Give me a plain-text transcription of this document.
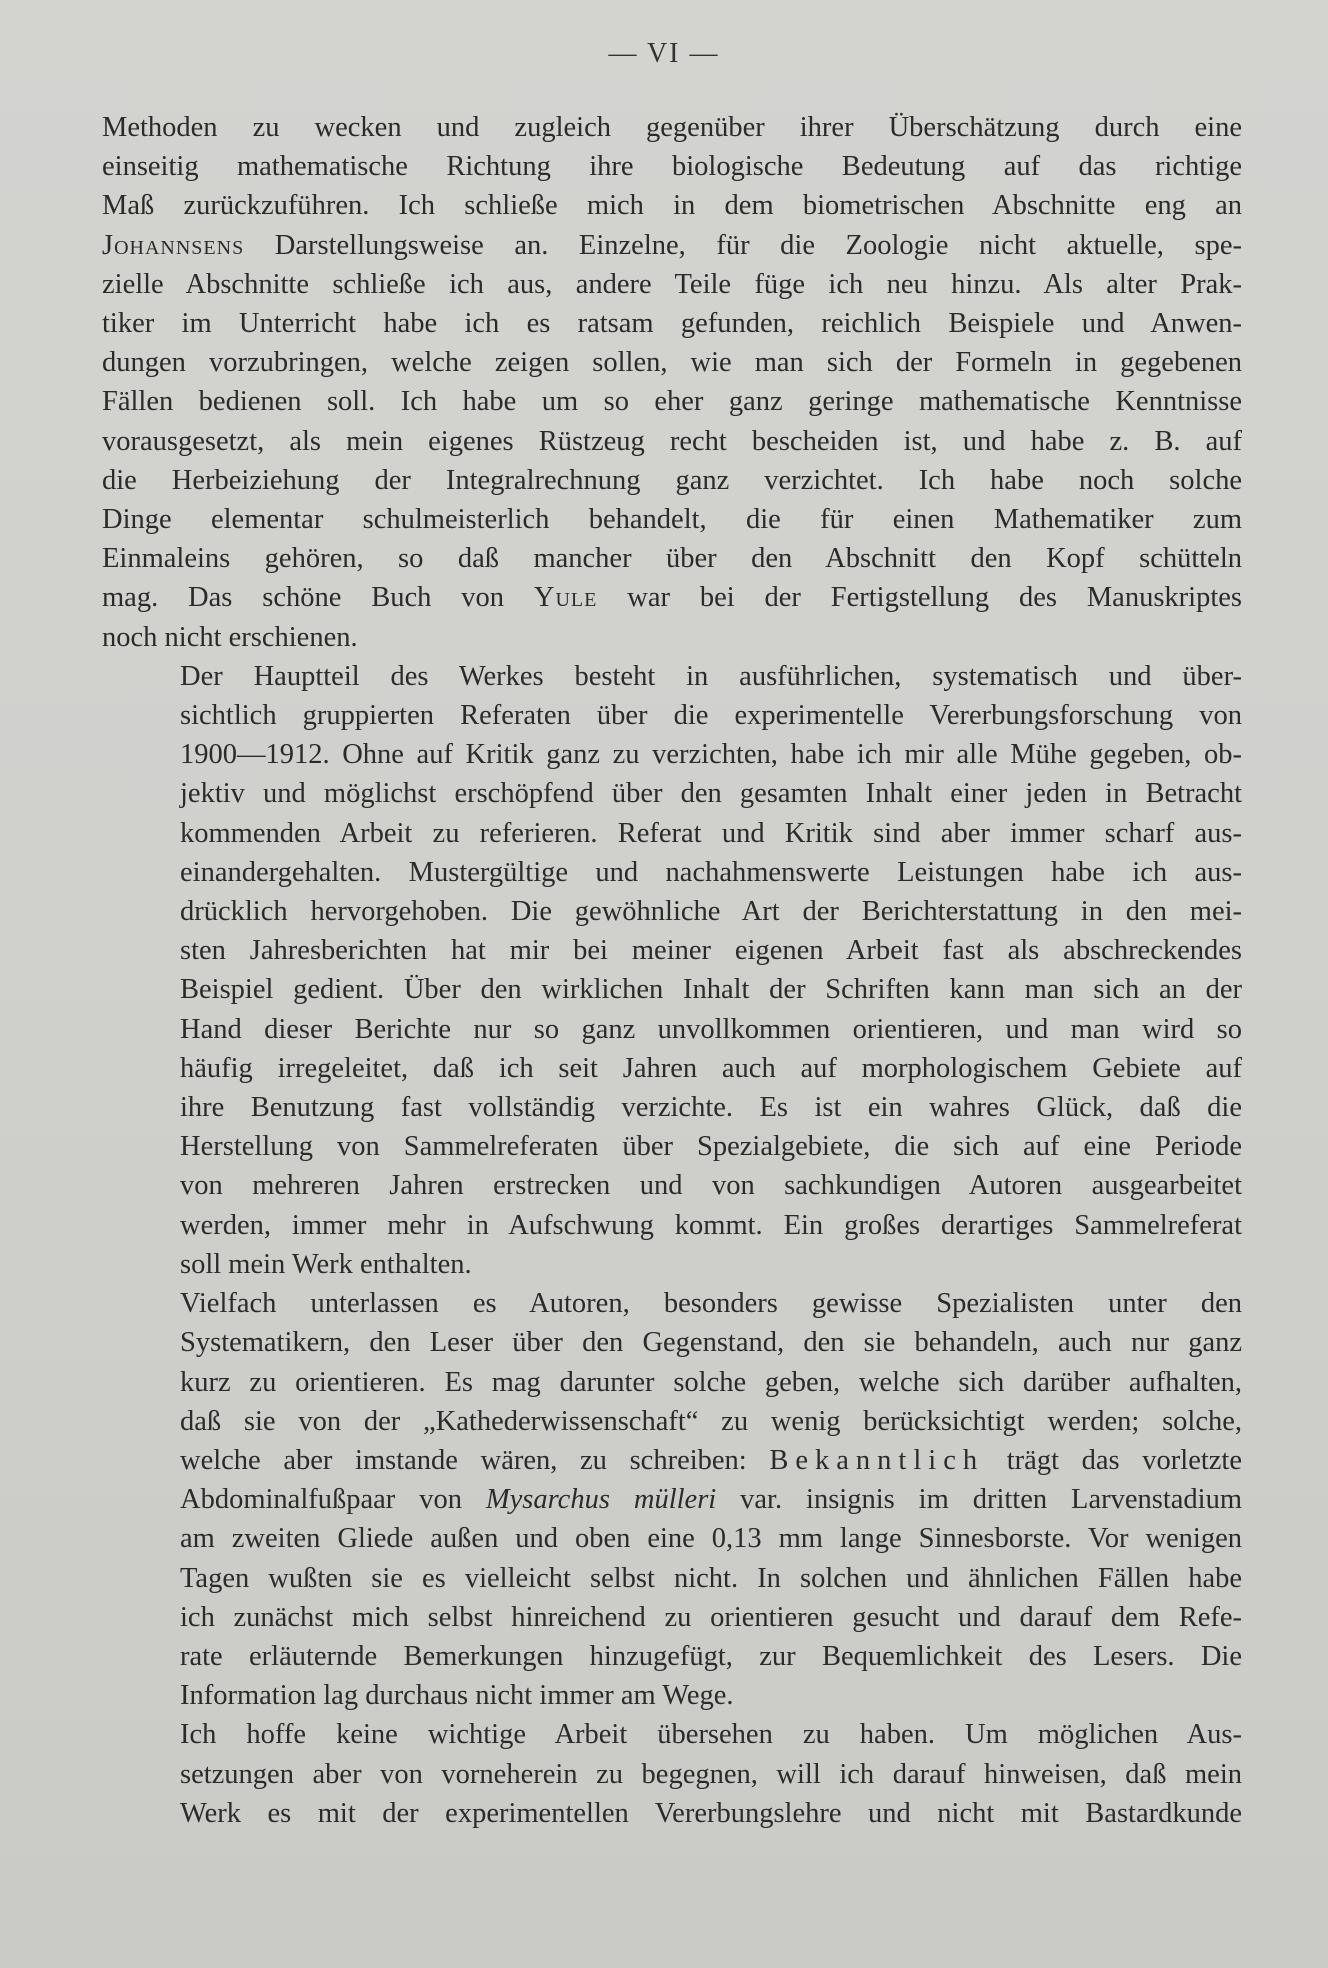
— VI —

Methoden zu wecken und zugleich gegenüber ihrer Überschätzung durch eine
einseitig mathematische Richtung ihre biologische Bedeutung auf das richtige
Maß zurückzuführen. Ich schließe mich in dem biometrischen Abschnitte eng an
Johannsens Darstellungsweise an. Einzelne, für die Zoologie nicht aktuelle, spe-
zielle Abschnitte schließe ich aus, andere Teile füge ich neu hinzu. Als alter Prak-
tiker im Unterricht habe ich es ratsam gefunden, reichlich Beispiele und Anwen-
dungen vorzubringen, welche zeigen sollen, wie man sich der Formeln in gegebenen
Fällen bedienen soll. Ich habe um so eher ganz geringe mathematische Kenntnisse
vorausgesetzt, als mein eigenes Rüstzeug recht bescheiden ist, und habe z. B. auf
die Herbeiziehung der Integralrechnung ganz verzichtet. Ich habe noch solche
Dinge elementar schulmeisterlich behandelt, die für einen Mathematiker zum
Einmaleins gehören, so daß mancher über den Abschnitt den Kopf schütteln
mag. Das schöne Buch von Yule war bei der Fertigstellung des Manuskriptes
noch nicht erschienen.

Der Hauptteil des Werkes besteht in ausführlichen, systematisch und über-
sichtlich gruppierten Referaten über die experimentelle Vererbungsforschung von
1900—1912. Ohne auf Kritik ganz zu verzichten, habe ich mir alle Mühe gegeben, ob-
jektiv und möglichst erschöpfend über den gesamten Inhalt einer jeden in Betracht
kommenden Arbeit zu referieren. Referat und Kritik sind aber immer scharf aus-
einandergehalten. Mustergültige und nachahmenswerte Leistungen habe ich aus-
drücklich hervorgehoben. Die gewöhnliche Art der Berichterstattung in den mei-
sten Jahresberichten hat mir bei meiner eigenen Arbeit fast als abschreckendes
Beispiel gedient. Über den wirklichen Inhalt der Schriften kann man sich an der
Hand dieser Berichte nur so ganz unvollkommen orientieren, und man wird so
häufig irregeleitet, daß ich seit Jahren auch auf morphologischem Gebiete auf
ihre Benutzung fast vollständig verzichte. Es ist ein wahres Glück, daß die
Herstellung von Sammelreferaten über Spezialgebiete, die sich auf eine Periode
von mehreren Jahren erstrecken und von sachkundigen Autoren ausgearbeitet
werden, immer mehr in Aufschwung kommt. Ein großes derartiges Sammelreferat
soll mein Werk enthalten.

Vielfach unterlassen es Autoren, besonders gewisse Spezialisten unter den
Systematikern, den Leser über den Gegenstand, den sie behandeln, auch nur ganz
kurz zu orientieren. Es mag darunter solche geben, welche sich darüber aufhalten,
daß sie von der „Kathederwissenschaft“ zu wenig berücksichtigt werden; solche,
welche aber imstande wären, zu schreiben: Bekanntlich trägt das vorletzte
Abdominalfußpaar von Mysarchus mülleri var. insignis im dritten Larvenstadium
am zweiten Gliede außen und oben eine 0,13 mm lange Sinnesborste. Vor wenigen
Tagen wußten sie es vielleicht selbst nicht. In solchen und ähnlichen Fällen habe
ich zunächst mich selbst hinreichend zu orientieren gesucht und darauf dem Refe-
rate erläuternde Bemerkungen hinzugefügt, zur Bequemlichkeit des Lesers. Die
Information lag durchaus nicht immer am Wege.

Ich hoffe keine wichtige Arbeit übersehen zu haben. Um möglichen Aus-
setzungen aber von vorneherein zu begegnen, will ich darauf hinweisen, daß mein
Werk es mit der experimentellen Vererbungslehre und nicht mit Bastardkunde
